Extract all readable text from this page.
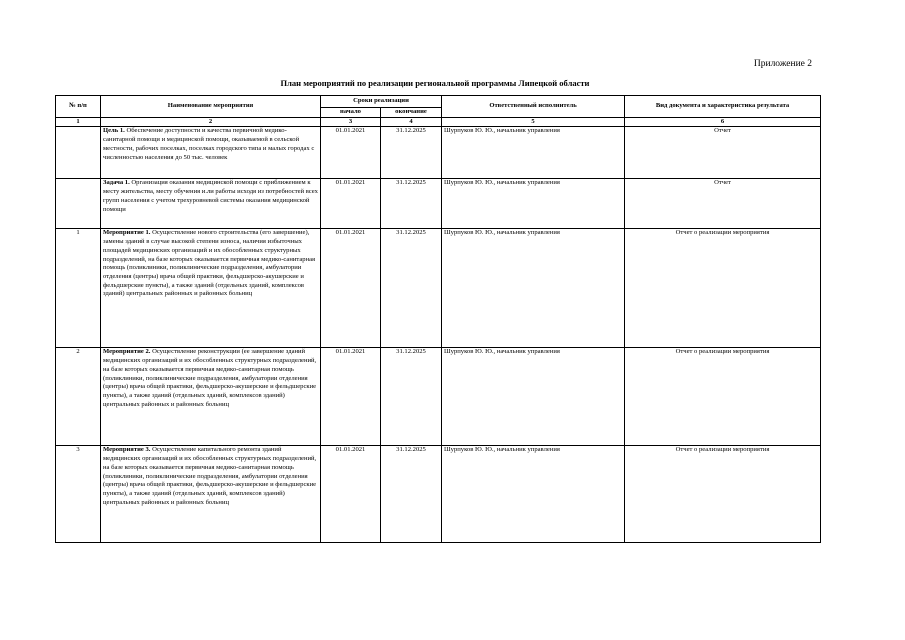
Приложение 2
План мероприятий по реализации региональной программы Липецкой области
№ п/п	Наименование мероприятия	Сроки реализации		Ответственный исполнитель	Вид документа и характеристика результата
		начало	окончание		
1	2	3	4	5	6
	Цель 1. Обеспечение доступности и качества первичной медико-санитарной помощи и медицинской помощи, оказываемой в сельской местности, рабочих поселках, поселках городского типа и малых городах с численностью населения до 50 тыс. человек	01.01.2021	31.12.2025	Шурпуков Ю. Ю., начальник управления	Отчет
	Задача 1. Организация оказания медицинской помощи с приближением к месту жительства, месту обучения и.ли работы исходя из потребностей всех групп населения с учетом трехуровневой системы оказания медицинской помощи	01.01.2021	31.12.2025	Шурпуков Ю. Ю., начальник управления	Отчет
1	Мероприятие 1. Осуществление нового строительства (его завершение), замены зданий в случае высокой степени износа, наличия избыточных площадей медицинских организаций и их обособленных структурных подразделений, на базе которых оказывается первичная медико-санитарная помощь (поликлиники, поликлинические подразделения, амбулатории отделения (центры) врача общей практики, фельдшерско-акушерские и фельдшерские пункты), а также зданий (отдельных зданий, комплексов зданий) центральных районных и районных больниц	01.01.2021	31.12.2025	Шурпуков Ю. Ю., начальник управления	Отчет о реализации мероприятия
2	Мероприятие 2. Осуществление реконструкции (ее завершение зданий медицинских организаций и их обособленных структурных подразделений, на базе которых оказывается первичная медико-санитарная помощь (поликлиники, поликлинические подразделения, амбулатории отделения (центры) врача общей практики, фельдшерско-акушерские и фельдшерские пункты), а также зданий (отдельных зданий, комплексов зданий) центральных районных и районных больниц	01.01.2021	31.12.2025	Шурпуков Ю. Ю., начальник управления	Отчет о реализации мероприятия
3	Мероприятие 3. Осуществление капитального ремонта зданий медицинских организаций и их обособленных структурных подразделений, на базе которых оказывается первичная медико-санитарная помощь (поликлиники, поликлинические подразделения, амбулатории отделения (центры) врача общей практики, фельдшерско-акушерские и фельдшерские пункты), а также зданий (отдельных зданий, комплексов зданий) центральных районных и районных больниц	01.01.2021	31.12.2025	Шурпуков Ю. Ю., начальник управления	Отчет о реализации мероприятия
